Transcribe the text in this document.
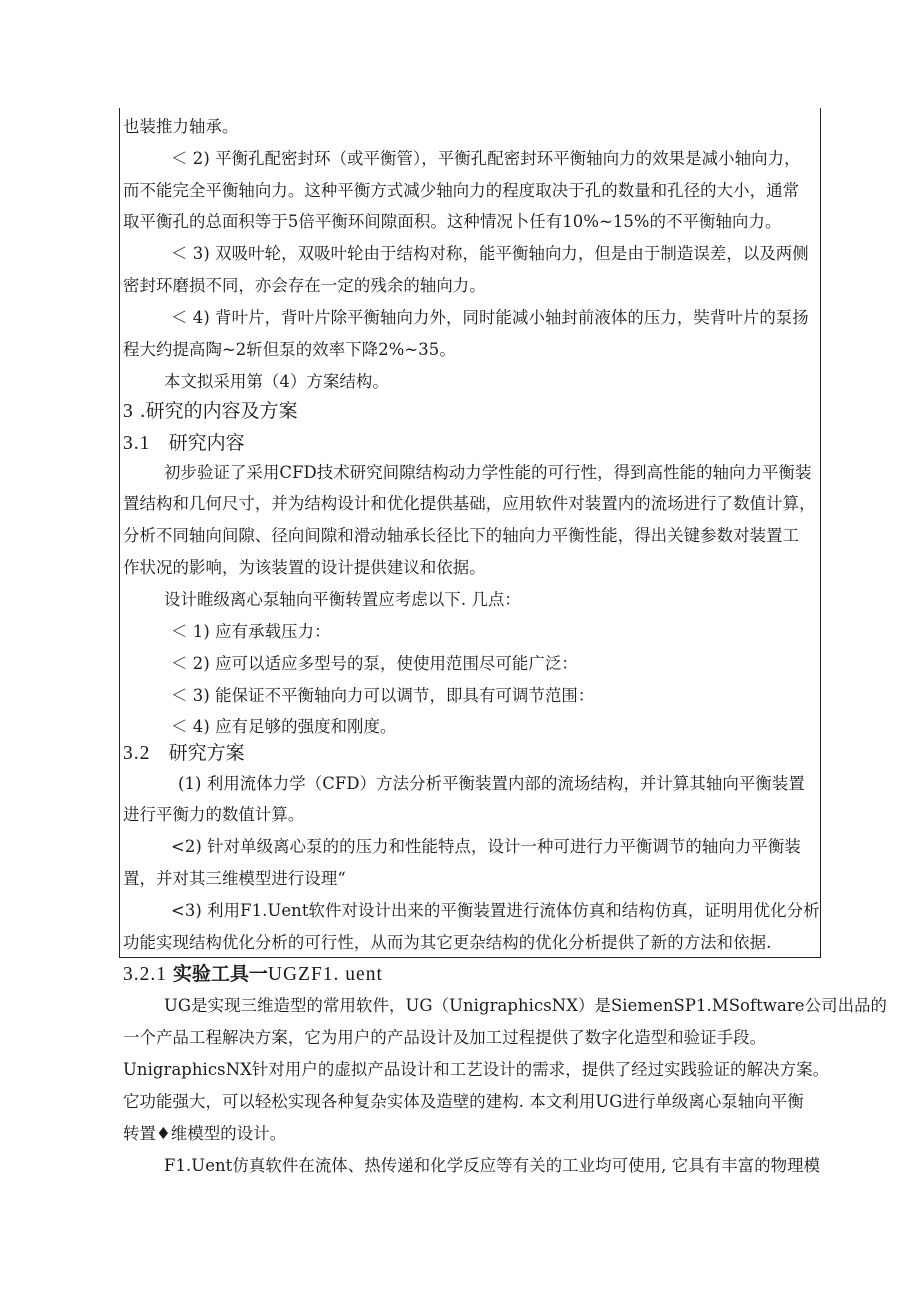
也装推力轴承。
＜ 2) 平衡孔配密封环（或平衡管），平衡孔配密封环平衡轴向力的效果是减小轴向力，
而不能完全平衡轴向力。这种平衡方式减少轴向力的程度取决于孔的数量和孔径的大小，通常
取平衡孔的总面积等于5倍平衡环间隙面积。这种情况卜任有10%~15%的不平衡轴向力。
＜ 3) 双吸叶轮，双吸叶轮由于结构对称，能平衡轴向力，但是由于制造误差，以及两侧
密封环磨损不同，亦会存在一定的残余的轴向力。
＜ 4) 背叶片，背叶片除平衡轴向力外，同时能减小轴封前液体的压力，奘背叶片的泵扬
程大约提高陶~2斩但泵的效率下降2%~35。
本文拟采用第（4）方案结构。
3 .研究的内容及方案
3.1   研究内容
初步验证了采用CFD技术研究间隙结构动力学性能的可行性，得到高性能的轴向力平衡装
置结构和几何尺寸，并为结构设计和优化提供基础，应用软件对装置内的流场进行了数值计算，
分析不同轴向间隙、径向间隙和滑动轴承长径比下的轴向力平衡性能，得出关键参数对装置工
作状况的影响，为该装置的设计提供建议和依据。
设计睢级离心泵轴向平衡转置应考虑以下. 几点：
＜ 1) 应有承载压力：
＜ 2) 应可以适应多型号的泵，使使用范围尽可能广泛：
＜ 3) 能保证不平衡轴向力可以调节，即具有可调节范围：
＜ 4) 应有足够的强度和刚度。
3.2   研究方案
(1) 利用流体力学（CFD）方法分析平衡装置内部的流场结构，并计算其轴向平衡装置
进行平衡力的数值计算。
<2) 针对单级离心泵的的压力和性能特点，设计一种可进行力平衡调节的轴向力平衡装
置，并对其三维模型进行设理“
<3) 利用F1.Uent软件对设计出来的平衡装置进行流体仿真和结构仿真，证明用优化分析
功能实现结构优化分析的可行性，从而为其它更杂结构的优化分析提供了新的方法和依据.
3.2.1 实验工具一UGZF1. uent
UG是实现三维造型的常用软件，UG（UnigraphicsNX）是SiemenSP1.MSoftware公司出品的
一个产品工程解决方案，它为用户的产品设计及加工过程提供了数字化造型和验证手段。
UnigraphicsNX针对用户的虚拟产品设计和工艺设计的需求，提供了经过实践验证的解决方案。
它功能强大，可以轻松实现各种复杂实体及造壁的建构. 本文利用UG进行单级离心泵轴向平衡
转置♦维模型的设计。
F1.Uent仿真软件在流体、热传递和化学反应等有关的工业均可使用, 它具有丰富的物理模
